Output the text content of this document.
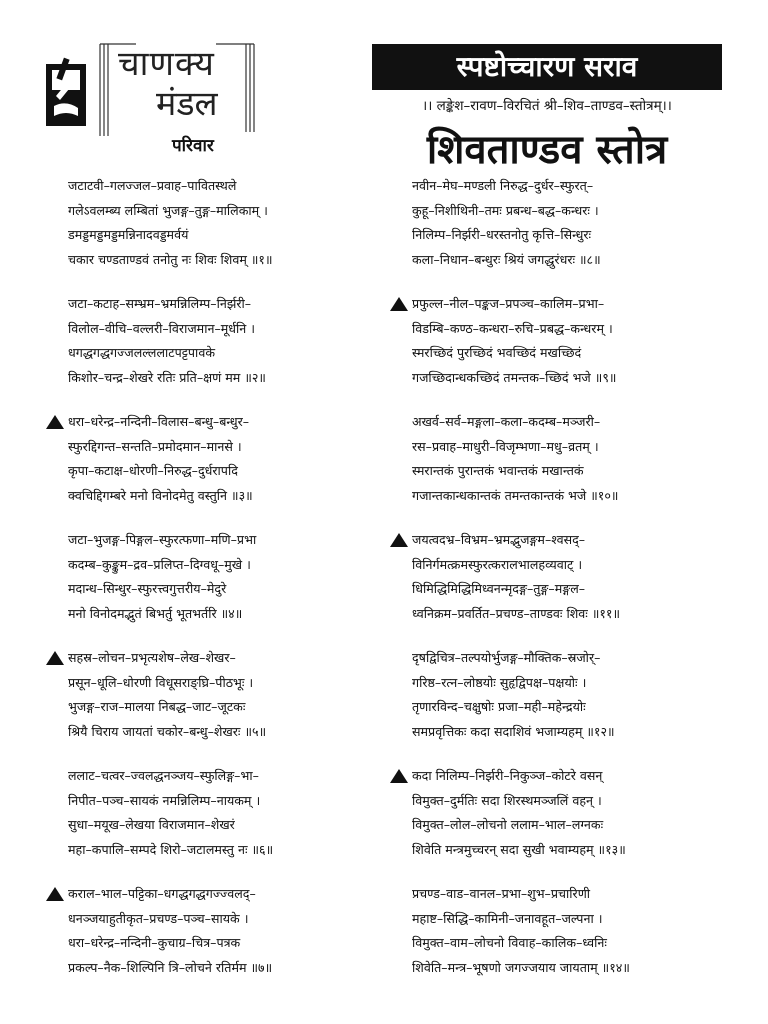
चाणक्य
मंडल
परिवार
स्पष्टोच्चारण सराव
।। लङ्केश–रावण–विरचितं श्री–शिव–ताण्डव–स्तोत्रम्।।
शिवताण्डव स्तोत्र
जटाटवी–गलज्जल–प्रवाह–पावितस्थले
गलेऽवलम्ब्य लम्बितां भुजङ्ग–तुङ्ग–मालिकाम् ।
डमड्डमड्डमड्डमन्निनादवड्डमर्वयं
चकार चण्डताण्डवं तनोतु नः शिवः शिवम् ॥१॥
जटा–कटाह–सम्भ्रम–भ्रमन्निलिम्प–निर्झरी–
विलोल–वीचि–वल्लरी–विराजमान–मूर्धनि ।
धगद्धगद्धगज्जलल्ललाटपट्टपावके
किशोर–चन्द्र–शेखरे रतिः प्रति–क्षणं मम ॥२॥
धरा–धरेन्द्र–नन्दिनी–विलास–बन्धु–बन्धुर–
स्फुरद्दिगन्त–सन्तति–प्रमोदमान–मानसे ।
कृपा–कटाक्ष–धोरणी–निरुद्ध–दुर्धरापदि
क्वचिद्दिगम्बरे मनो विनोदमेतु वस्तुनि ॥३॥
जटा–भुजङ्ग–पिङ्गल–स्फुरत्फणा–मणि–प्रभा
कदम्ब–कुङ्कुम–द्रव–प्रलिप्त–दिग्वधू–मुखे ।
मदान्ध–सिन्धुर–स्फुरत्त्वगुत्तरीय–मेदुरे
मनो विनोदमद्भुतं बिभर्तु भूतभर्तरि ॥४॥
सहस्र–लोचन–प्रभृत्यशेष–लेख–शेखर–
प्रसून–धूलि–धोरणी विधूसराङ्घ्रि–पीठभूः ।
भुजङ्ग–राज–मालया निबद्ध–जाट–जूटकः
श्रियै चिराय जायतां चकोर–बन्धु–शेखरः ॥५॥
ललाट–चत्वर–ज्वलद्धनञ्जय–स्फुलिङ्ग–भा–
निपीत–पञ्च–सायकं नमन्निलिम्प–नायकम् ।
सुधा–मयूख–लेखया विराजमान–शेखरं
महा–कपालि–सम्पदे शिरो–जटालमस्तु नः ॥६॥
कराल–भाल–पट्टिका–धगद्धगद्धगज्ज्वलद्–
धनञ्जयाहुतीकृत–प्रचण्ड–पञ्च–सायके ।
धरा–धरेन्द्र–नन्दिनी–कुचाग्र–चित्र–पत्रक
प्रकल्प–नैक–शिल्पिनि त्रि–लोचने रतिर्मम ॥७॥
नवीन–मेघ–मण्डली निरुद्ध–दुर्धर–स्फुरत्–
कुहू–निशीथिनी–तमः प्रबन्ध–बद्ध–कन्धरः ।
निलिम्प–निर्झरी–धरस्तनोतु कृत्ति–सिन्धुरः
कला–निधान–बन्धुरः श्रियं जगद्धुरंधरः ॥८॥
प्रफुल्ल–नील–पङ्कज–प्रपञ्च–कालिम–प्रभा–
विडम्बि–कण्ठ–कन्धरा–रुचि–प्रबद्ध–कन्धरम् ।
स्मरच्छिदं पुरच्छिदं भवच्छिदं मखच्छिदं
गजच्छिदान्धकच्छिदं तमन्तक–च्छिदं भजे ॥९॥
अखर्व–सर्व–मङ्गला–कला–कदम्ब–मञ्जरी–
रस–प्रवाह–माधुरी–विजृम्भणा–मधु–व्रतम् ।
स्मरान्तकं पुरान्तकं भवान्तकं मखान्तकं
गजान्तकान्धकान्तकं तमन्तकान्तकं भजे ॥१०॥
जयत्वदभ्र–विभ्रम–भ्रमद्भुजङ्गम–श्वसद्–
विनिर्गमत्क्रमस्फुरत्करालभालहव्यवाट् ।
धिमिद्धिमिद्धिमिध्वनन्मृदङ्ग–तुङ्ग–मङ्गल–
ध्वनिक्रम–प्रवर्तित–प्रचण्ड–ताण्डवः शिवः ॥११॥
दृषद्विचित्र–तल्पयोर्भुजङ्ग–मौक्तिक–स्रजोर्–
गरिष्ठ–रत्न–लोष्ठयोः सुहृद्विपक्ष–पक्षयोः ।
तृणारविन्द–चक्षुषोः प्रजा–मही–महेन्द्रयोः
समप्रवृत्तिकः कदा सदाशिवं भजाम्यहम् ॥१२॥
कदा निलिम्प–निर्झरी–निकुञ्ज–कोटरे वसन्
विमुक्त–दुर्मतिः सदा शिरस्थमञ्जलिं वहन् ।
विमुक्त–लोल–लोचनो ललाम–भाल–लग्नकः
शिवेति मन्त्रमुच्चरन् सदा सुखी भवाम्यहम् ॥१३॥
प्रचण्ड–वाड–वानल–प्रभा–शुभ–प्रचारिणी
महाष्ट–सिद्धि–कामिनी–जनावहूत–जल्पना ।
विमुक्त–वाम–लोचनो विवाह–कालिक–ध्वनिः
शिवेति–मन्त्र–भूषणो जगज्जयाय जायताम् ॥१४॥
